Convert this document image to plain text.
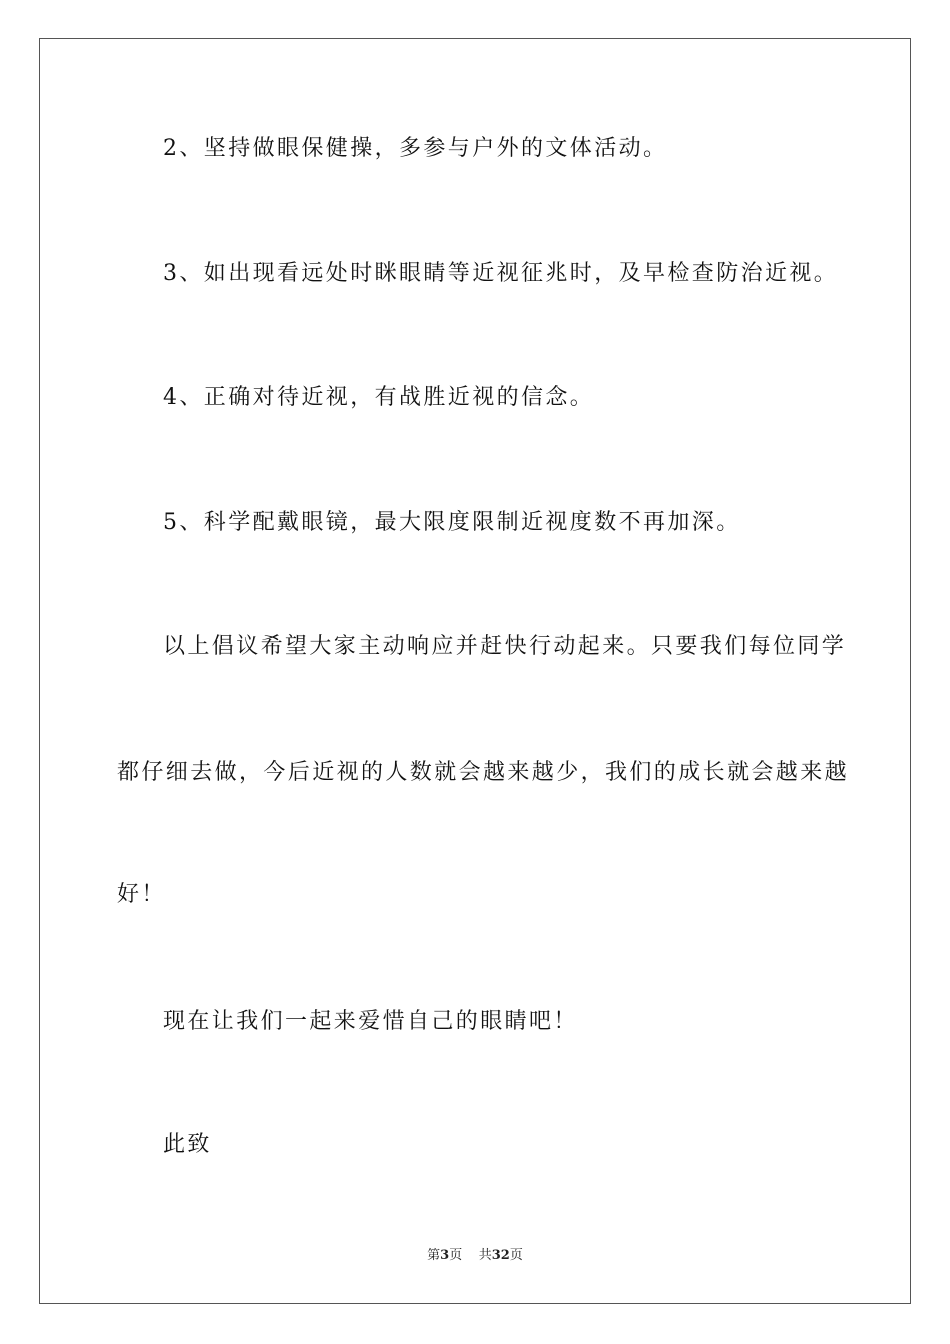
2、坚持做眼保健操，多参与户外的文体活动。
3、如出现看远处时眯眼睛等近视征兆时，及早检查防治近视。
4、正确对待近视，有战胜近视的信念。
5、科学配戴眼镜，最大限度限制近视度数不再加深。
以上倡议希望大家主动响应并赶快行动起来。只要我们每位同学
都仔细去做，今后近视的人数就会越来越少，我们的成长就会越来越
好！
现在让我们一起来爱惜自己的眼睛吧！
此致
第3页 共32页
